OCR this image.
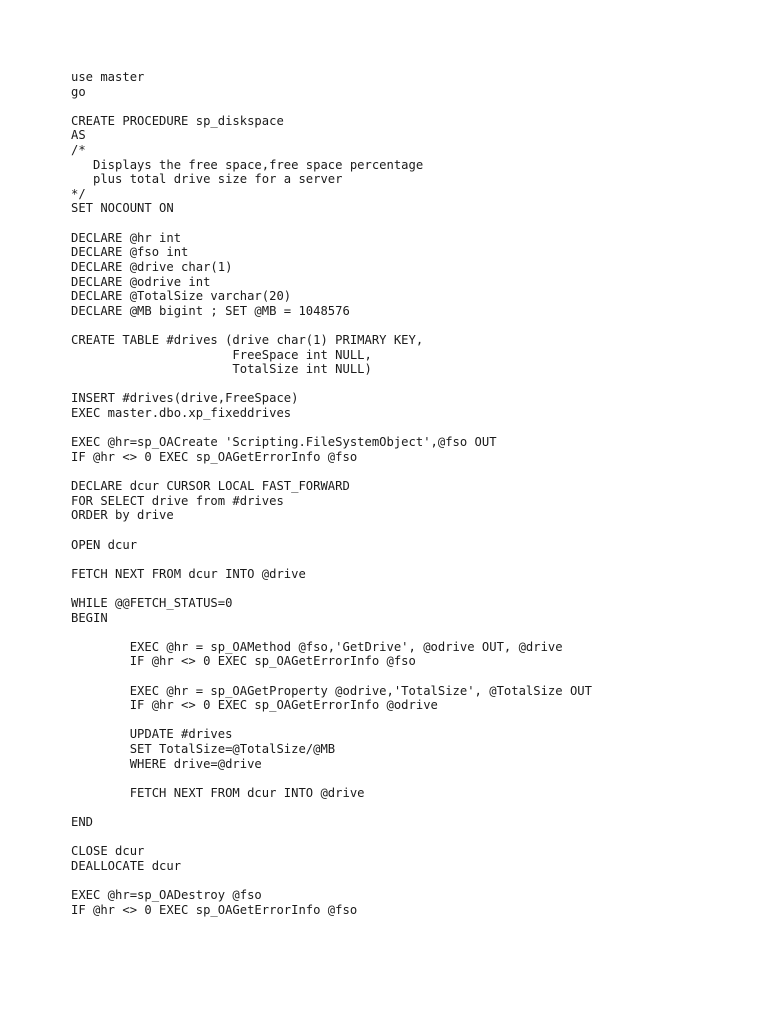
use master
go
CREATE PROCEDURE sp_diskspace
AS
/*
Displays the free space,free space percentage
plus total drive size for a server
*/
SET NOCOUNT ON
DECLARE @hr int
DECLARE @fso int
DECLARE @drive char(1)
DECLARE @odrive int
DECLARE @TotalSize varchar(20)
DECLARE @MB bigint ; SET @MB = 1048576
CREATE TABLE #drives (drive char(1) PRIMARY KEY,
FreeSpace int NULL,
TotalSize int NULL)
INSERT #drives(drive,FreeSpace)
EXEC master.dbo.xp_fixeddrives
EXEC @hr=sp_OACreate 'Scripting.FileSystemObject',@fso OUT
IF @hr <> 0 EXEC sp_OAGetErrorInfo @fso
DECLARE dcur CURSOR LOCAL FAST_FORWARD
FOR SELECT drive from #drives
ORDER by drive
OPEN dcur
FETCH NEXT FROM dcur INTO @drive
WHILE @@FETCH_STATUS=0
BEGIN
EXEC @hr = sp_OAMethod @fso,'GetDrive', @odrive OUT, @drive
IF @hr <> 0 EXEC sp_OAGetErrorInfo @fso
EXEC @hr = sp_OAGetProperty @odrive,'TotalSize', @TotalSize OUT
IF @hr <> 0 EXEC sp_OAGetErrorInfo @odrive
UPDATE #drives
SET TotalSize=@TotalSize/@MB
WHERE drive=@drive
FETCH NEXT FROM dcur INTO @drive
END
CLOSE dcur
DEALLOCATE dcur
EXEC @hr=sp_OADestroy @fso
IF @hr <> 0 EXEC sp_OAGetErrorInfo @fso
